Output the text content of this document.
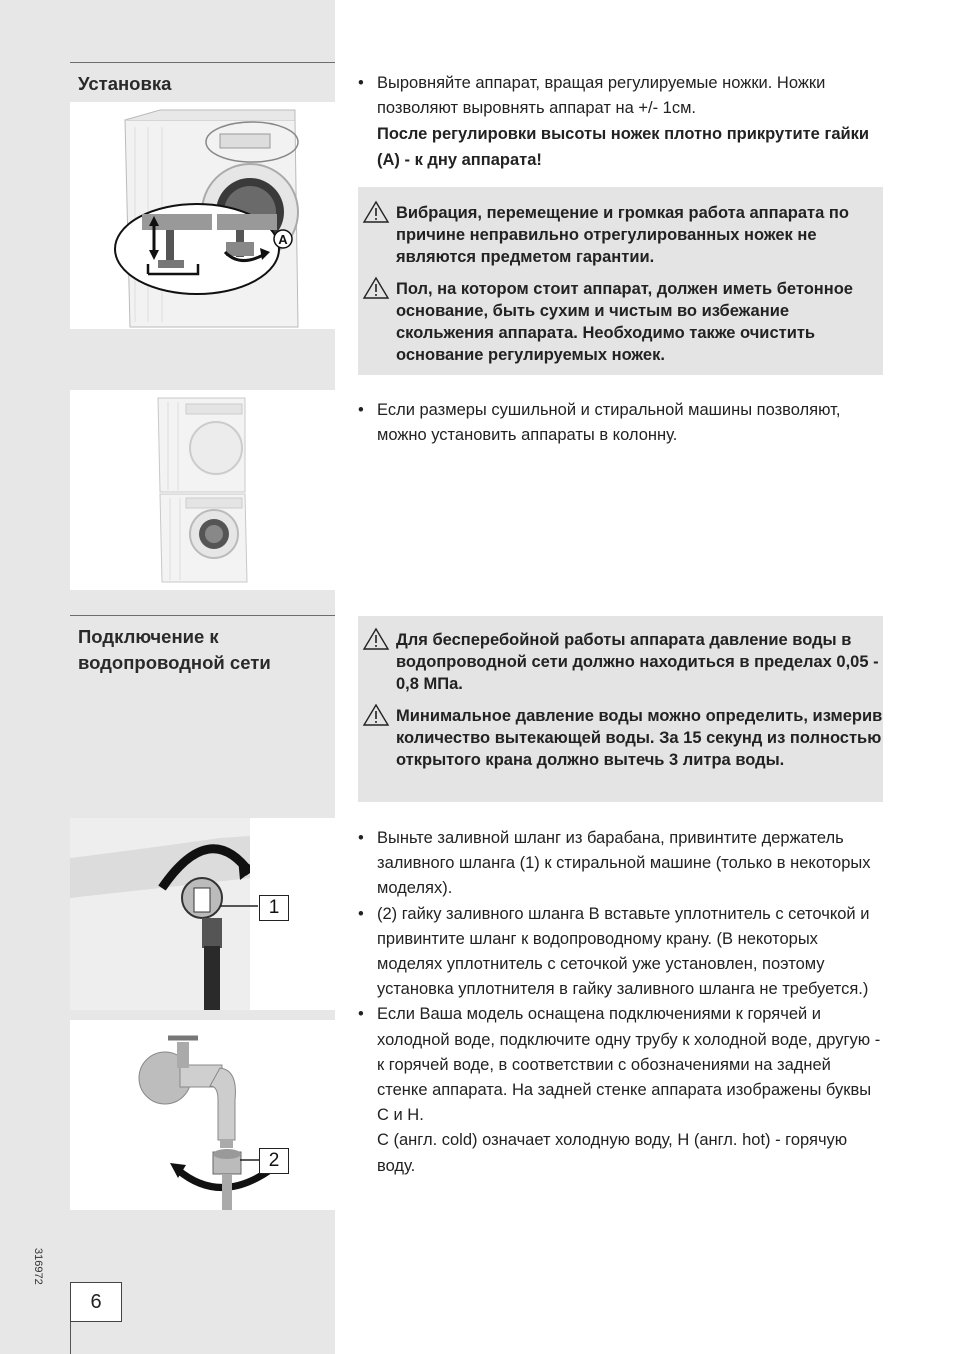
Установка
A
• Выровняйте аппарат, вращая регулируемые ножки. Ножки позволяют выровнять аппарат на +/- 1см.
После регулировки высоты ножек плотно прикрутите гайки (А) - к дну аппарата!
Вибрация, перемещение и громкая работа аппарата по причине неправильно отрегулированных ножек не являются предметом гарантии.
Пол, на котором стоит аппарат, должен иметь бетонное основание, быть сухим и чистым во избежание скольжения аппарата. Необходимо также очистить основание регулируемых ножек.
• Если размеры сушильной и стиральной машины позволяют, можно установить аппараты в колонну.
Подключение к
водопроводной сети
Для бесперебойной работы аппарата давление воды в водопроводной сети должно находиться в пределах 0,05 - 0,8 МПа.
Минимальное давление воды можно определить, измерив количество вытекающей воды. За 15 секунд из полностью открытого крана должно вытечь 3 литра воды.
1
2
• Выньте заливной шланг из барабана, привинтите держатель заливного шланга (1) к стиральной машине (только в некоторых моделях).
• (2) гайку заливного шланга B вставьте уплотнитель с сеточкой и привинтите шланг к водопроводному крану. (В некоторых моделях уплотнитель с сеточкой уже установлен, поэтому установка уплотнителя в гайку заливного шланга не требуется.)
• Если Ваша модель оснащена подключениями к горячей и холодной воде, подключите одну трубу к холодной воде, другую - к горячей воде, в соответствии с обозначениями на задней стенке аппарата. На задней стенке аппарата изображены буквы C и H.
C (англ. cold) означает холодную воду, H (англ. hot) - горячую воду.
316972
6
